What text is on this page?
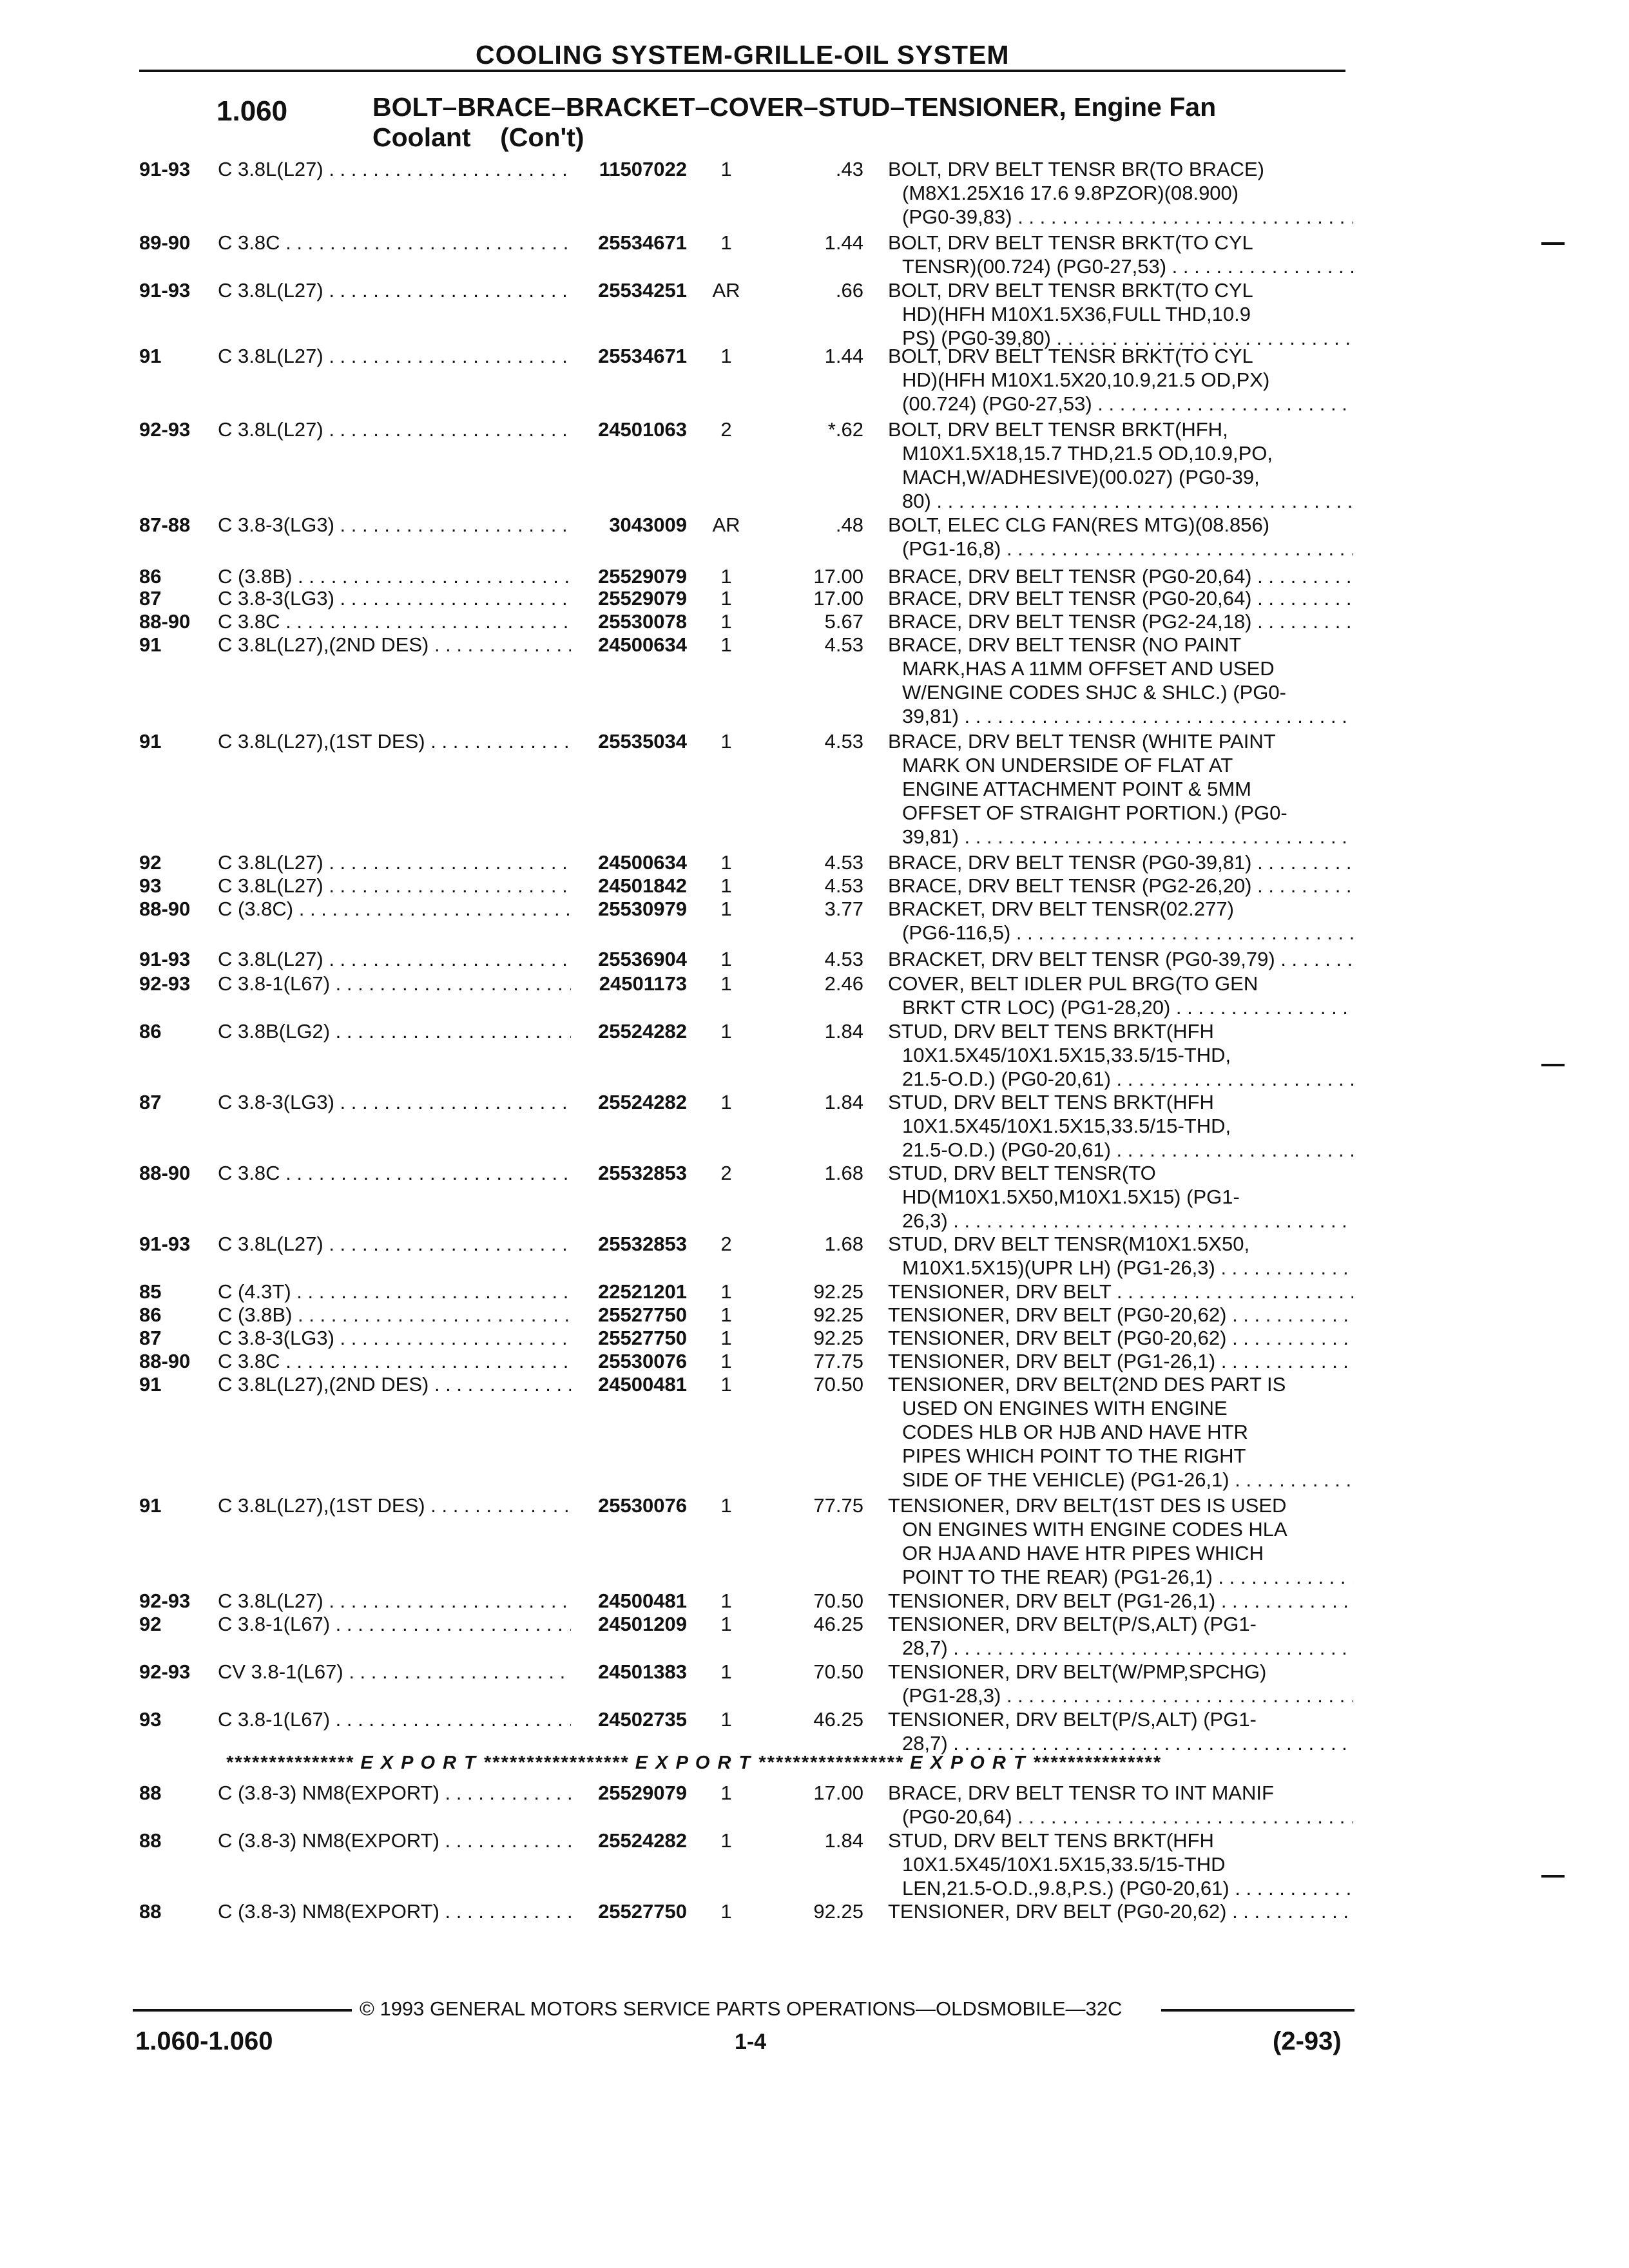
COOLING SYSTEM-GRILLE-OIL SYSTEM
1.060	BOLT–BRACE–BRACKET–COVER–STUD–TENSIONER, Engine Fan
Coolant    (Con't)
91-93 C 3.8L(L27) . . .	11507022	1	.43 BOLT, DRV BELT TENSR BR(TO BRACE)
(M8X1.25X16 17.6 9.8PZOR)(08.900)
(PG0-39,83) . . .
89-90 C 3.8C . . .	25534671	1	1.44 BOLT, DRV BELT TENSR BRKT(TO CYL
TENSR)(00.724) (PG0-27,53) . . .
91-93 C 3.8L(L27) . . .	25534251	AR	.66 BOLT, DRV BELT TENSR BRKT(TO CYL
HD)(HFH M10X1.5X36,FULL THD,10.9
PS) (PG0-39,80) . . .
91	C 3.8L(L27) . . .	25534671	1	1.44 BOLT, DRV BELT TENSR BRKT(TO CYL
HD)(HFH M10X1.5X20,10.9,21.5 OD,PX)
(00.724) (PG0-27,53) . . .
92-93 C 3.8L(L27) . . .	24501063	2	*.62 BOLT, DRV BELT TENSR BRKT(HFH,
M10X1.5X18,15.7 THD,21.5 OD,10.9,PO,
MACH,W/ADHESIVE)(00.027) (PG0-39,
80) . . .
87-88 C 3.8-3(LG3) . . .	3043009	AR	.48 BOLT, ELEC CLG FAN(RES MTG)(08.856)
(PG1-16,8) . . .
86	C (3.8B) . . .	25529079	1	17.00 BRACE, DRV BELT TENSR (PG0-20,64) . . .
87	C 3.8-3(LG3) . . .	25529079	1	17.00 BRACE, DRV BELT TENSR (PG0-20,64) . . .
88-90 C 3.8C . . .	25530078	1	5.67 BRACE, DRV BELT TENSR (PG2-24,18) . . .
91	C 3.8L(L27),(2ND DES) . . .	24500634	1	4.53 BRACE, DRV BELT TENSR (NO PAINT
MARK,HAS A 11MM OFFSET AND USED
W/ENGINE CODES SHJC & SHLC.) (PG0-
39,81) . . .
91	C 3.8L(L27),(1ST DES) . . .	25535034	1	4.53 BRACE, DRV BELT TENSR (WHITE PAINT
MARK ON UNDERSIDE OF FLAT AT
ENGINE ATTACHMENT POINT & 5MM
OFFSET OF STRAIGHT PORTION.) (PG0-
39,81) . . .
92	C 3.8L(L27) . . .	24500634	1	4.53 BRACE, DRV BELT TENSR (PG0-39,81) . . .
93	C 3.8L(L27) . . .	24501842	1	4.53 BRACE, DRV BELT TENSR (PG2-26,20) . . .
88-90 C (3.8C) . . .	25530979	1	3.77 BRACKET, DRV BELT TENSR(02.277)
(PG6-116,5) . . .
91-93 C 3.8L(L27) . . .	25536904	1	4.53 BRACKET, DRV BELT TENSR (PG0-39,79) . . .
92-93 C 3.8-1(L67) . . .	24501173	1	2.46 COVER, BELT IDLER PUL BRG(TO GEN
BRKT CTR LOC) (PG1-28,20) . . .
86	C 3.8B(LG2) . . .	25524282	1	1.84 STUD, DRV BELT TENS BRKT(HFH
10X1.5X45/10X1.5X15,33.5/15-THD,
21.5-O.D.) (PG0-20,61) . . .
87	C 3.8-3(LG3) . . .	25524282	1	1.84 STUD, DRV BELT TENS BRKT(HFH
10X1.5X45/10X1.5X15,33.5/15-THD,
21.5-O.D.) (PG0-20,61) . . .
88-90 C 3.8C . . .	25532853	2	1.68 STUD, DRV BELT TENSR(TO
HD(M10X1.5X50,M10X1.5X15) (PG1-
26,3) . . .
91-93 C 3.8L(L27) . . .	25532853	2	1.68 STUD, DRV BELT TENSR(M10X1.5X50,
M10X1.5X15)(UPR LH) (PG1-26,3) . . .
85	C (4.3T) . . .	22521201	1	92.25 TENSIONER, DRV BELT . . .
86	C (3.8B) . . .	25527750	1	92.25 TENSIONER, DRV BELT (PG0-20,62) . . .
87	C 3.8-3(LG3) . . .	25527750	1	92.25 TENSIONER, DRV BELT (PG0-20,62) . . .
88-90 C 3.8C . . .	25530076	1	77.75 TENSIONER, DRV BELT (PG1-26,1) . . .
91	C 3.8L(L27),(2ND DES) . . .	24500481	1	70.50 TENSIONER, DRV BELT(2ND DES PART IS
USED ON ENGINES WITH ENGINE
CODES HLB OR HJB AND HAVE HTR
PIPES WHICH POINT TO THE RIGHT
SIDE OF THE VEHICLE) (PG1-26,1) . . .
91	C 3.8L(L27),(1ST DES) . . .	25530076	1	77.75 TENSIONER, DRV BELT(1ST DES IS USED
ON ENGINES WITH ENGINE CODES HLA
OR HJA AND HAVE HTR PIPES WHICH
POINT TO THE REAR) (PG1-26,1) . . .
92-93 C 3.8L(L27) . . .	24500481	1	70.50 TENSIONER, DRV BELT (PG1-26,1) . . .
92	C 3.8-1(L67) . . .	24501209	1	46.25 TENSIONER, DRV BELT(P/S,ALT) (PG1-
28,7) . . .
92-93 CV 3.8-1(L67) . . .	24501383	1	70.50 TENSIONER, DRV BELT(W/PMP,SPCHG)
(PG1-28,3) . . .
93	C 3.8-1(L67) . . .	24502735	1	46.25 TENSIONER, DRV BELT(P/S,ALT) (PG1-
28,7) . . .
*************** E X P O R T ***************** E X P O R T ***************** E X P O R T ***************
88	C (3.8-3) NM8(EXPORT) . . .	25529079	1	17.00 BRACE, DRV BELT TENSR TO INT MANIF
(PG0-20,64) . . .
88	C (3.8-3) NM8(EXPORT) . . .	25524282	1	1.84 STUD, DRV BELT TENS BRKT(HFH
10X1.5X45/10X1.5X15,33.5/15-THD
LEN,21.5-O.D.,9.8,P.S.) (PG0-20,61) . . .
88	C (3.8-3) NM8(EXPORT) . . .	25527750	1	92.25 TENSIONER, DRV BELT (PG0-20,62) . . .
© 1993 GENERAL MOTORS SERVICE PARTS OPERATIONS—OLDSMOBILE—32C
1.060-1.060	1-4	(2-93)
